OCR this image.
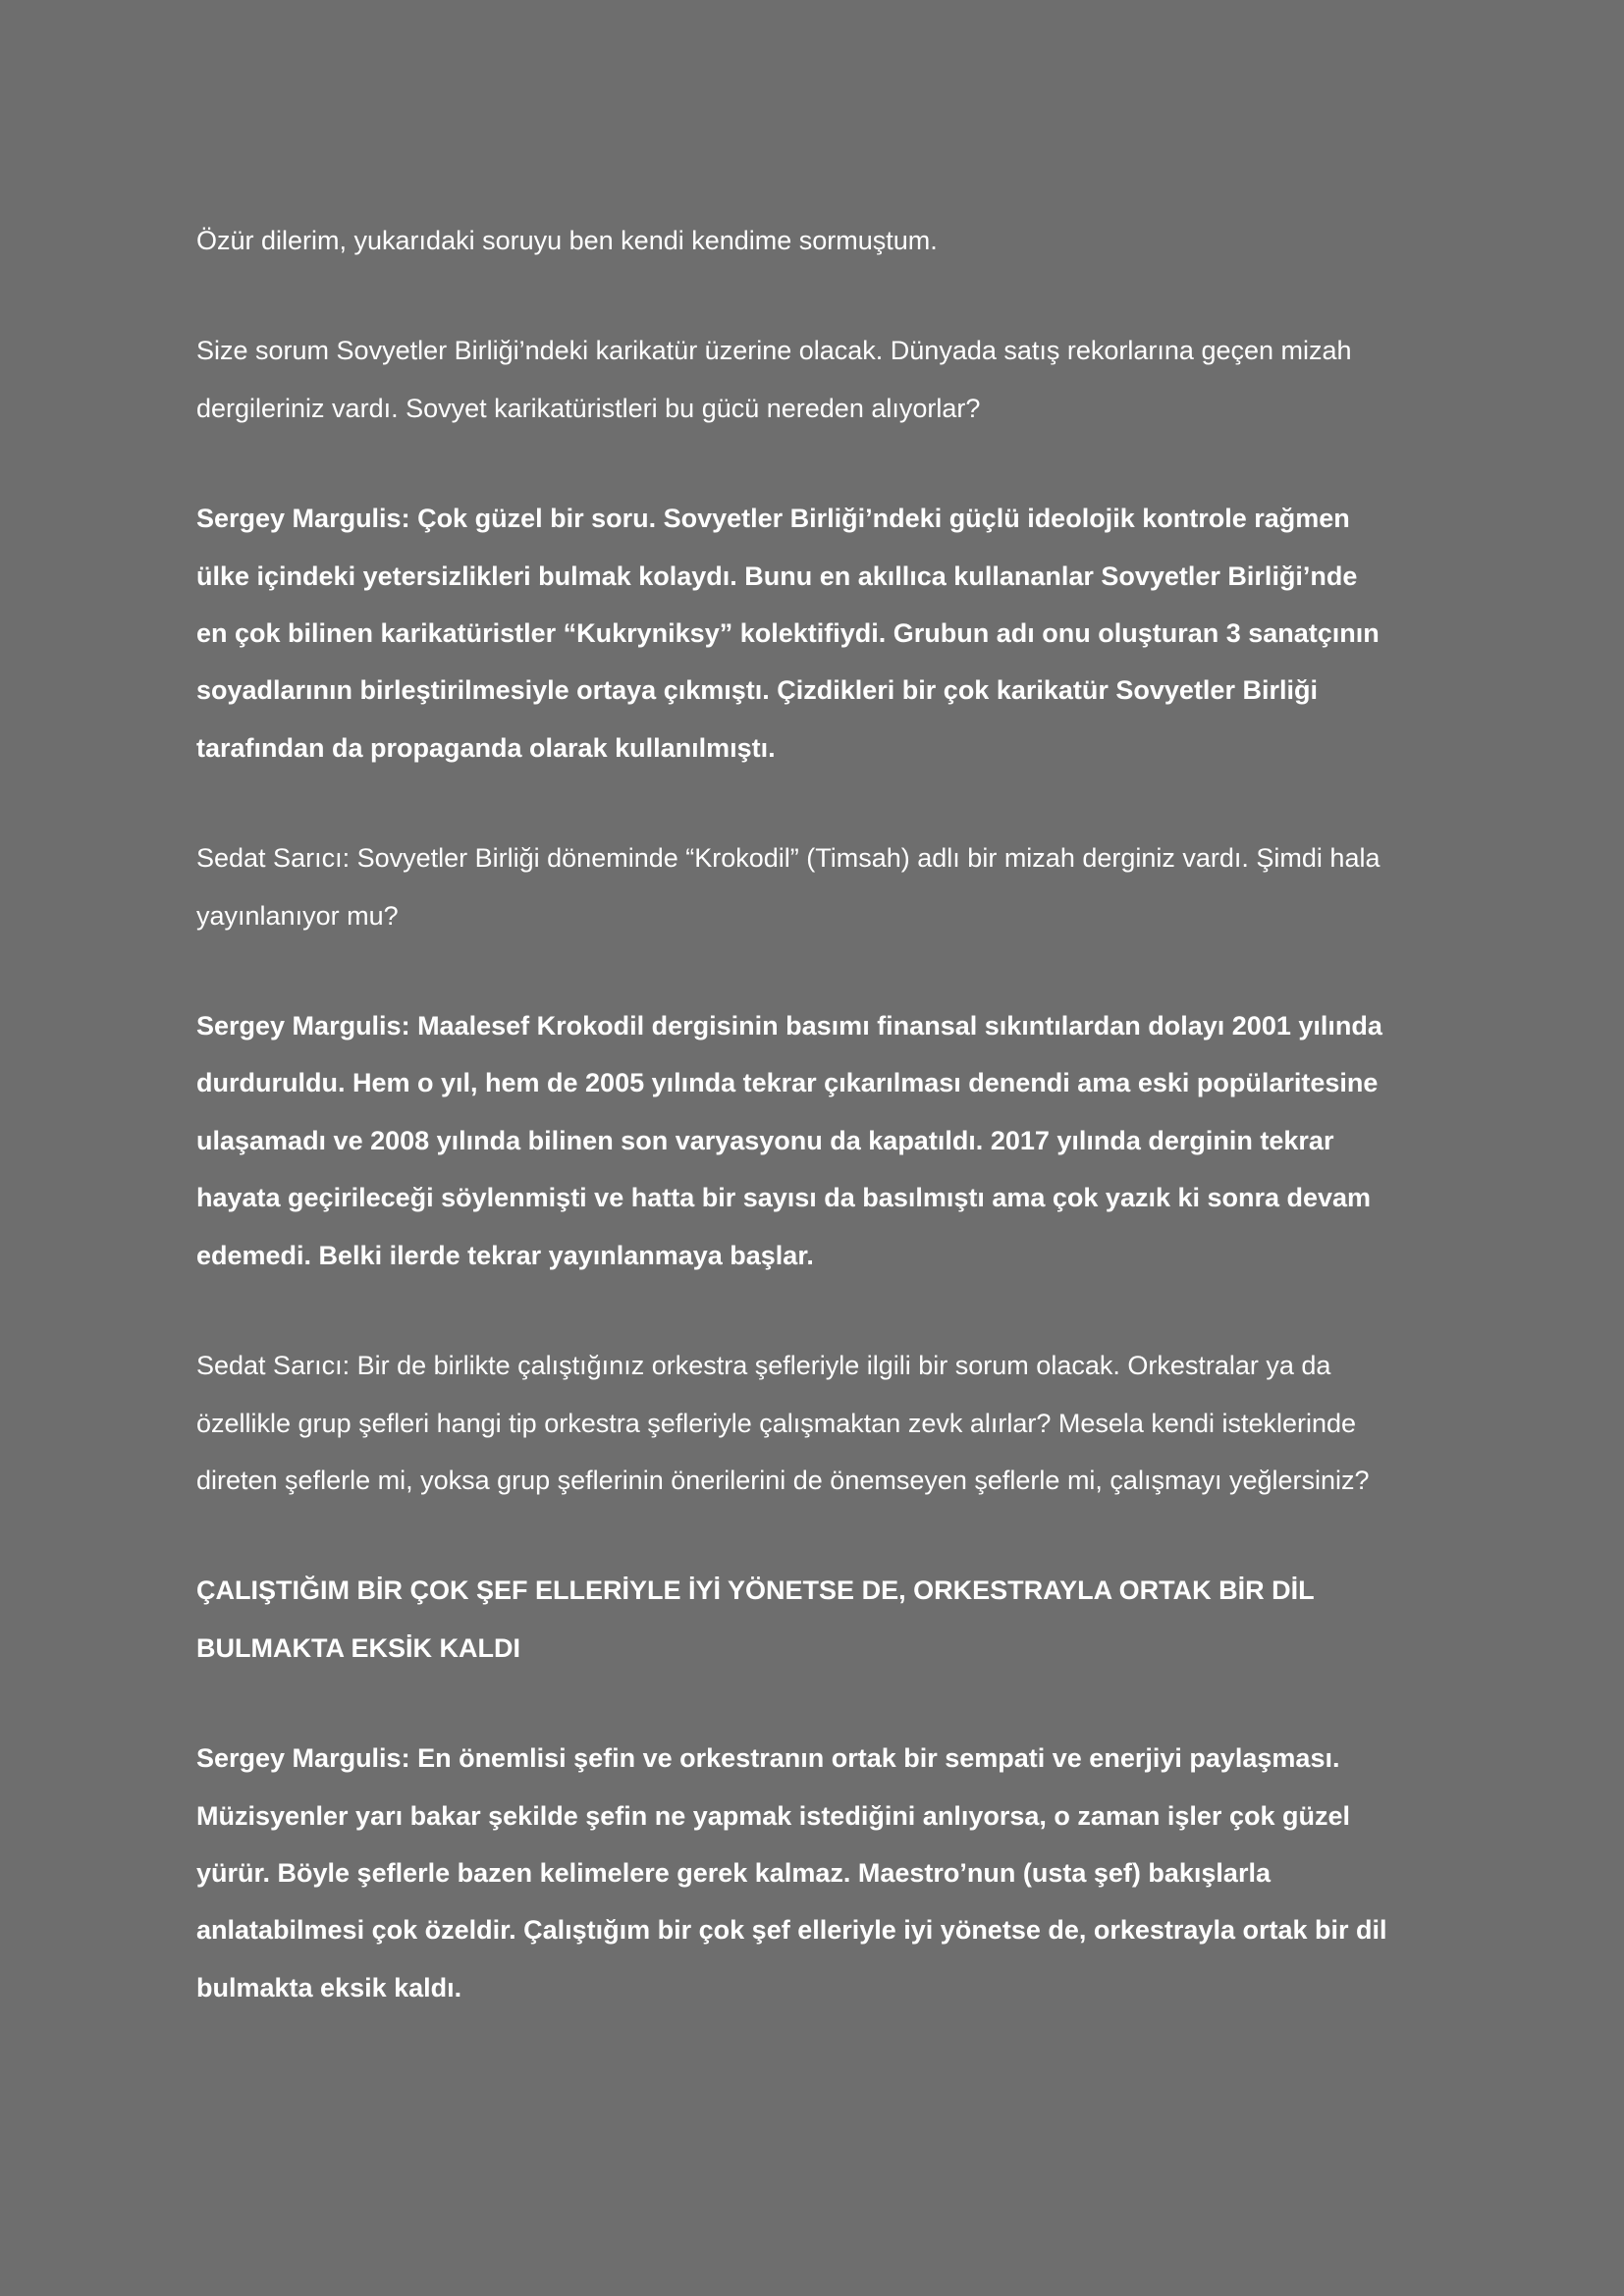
Özür dilerim, yukarıdaki soruyu ben kendi kendime sormuştum.
Size sorum Sovyetler Birliği’ndeki karikatür üzerine olacak. Dünyada satış rekorlarına geçen mizah
dergileriniz vardı. Sovyet karikatüristleri bu gücü nereden alıyorlar?
Sergey Margulis: Çok güzel bir soru. Sovyetler Birliği’ndeki güçlü ideolojik kontrole rağmen
ülke içindeki yetersizlikleri bulmak kolaydı. Bunu en akıllıca kullananlar Sovyetler Birliği’nde
en çok bilinen karikatüristler “Kukryniksy” kolektifiydi. Grubun adı onu oluşturan 3 sanatçının
soyadlarının birleştirilmesiyle ortaya çıkmıştı. Çizdikleri bir çok karikatür Sovyetler Birliği
tarafından da propaganda olarak kullanılmıştı.
Sedat Sarıcı: Sovyetler Birliği döneminde “Krokodil” (Timsah) adlı bir mizah derginiz vardı. Şimdi hala
yayınlanıyor mu?
Sergey Margulis: Maalesef Krokodil dergisinin basımı finansal sıkıntılardan dolayı 2001 yılında
durduruldu. Hem o yıl, hem de 2005 yılında tekrar çıkarılması denendi ama eski popülaritesine
ulaşamadı ve 2008 yılında bilinen son varyasyonu da kapatıldı. 2017 yılında derginin tekrar
hayata geçirileceği söylenmişti ve hatta bir sayısı da basılmıştı ama çok yazık ki sonra devam
edemedi. Belki ilerde tekrar yayınlanmaya başlar.
Sedat Sarıcı: Bir de birlikte çalıştığınız orkestra şefleriyle ilgili bir sorum olacak. Orkestralar ya da
özellikle grup şefleri hangi tip orkestra şefleriyle çalışmaktan zevk alırlar? Mesela kendi isteklerinde
direten şeflerle mi, yoksa grup şeflerinin önerilerini de önemseyen şeflerle mi, çalışmayı yeğlersiniz?
ÇALIŞTIĞIM BİR ÇOK ŞEF ELLERİYLE İYİ YÖNETSE DE, ORKESTRAYLA ORTAK BİR DİL
BULMAKTA EKSİK KALDI
Sergey Margulis: En önemlisi şefin ve orkestranın ortak bir sempati ve enerjiyi paylaşması.
Müzisyenler yarı bakar şekilde şefin ne yapmak istediğini anlıyorsa, o zaman işler çok güzel
yürür. Böyle şeflerle bazen kelimelere gerek kalmaz. Maestro’nun (usta şef) bakışlarla
anlatabilmesi çok özeldir. Çalıştığım bir çok şef elleriyle iyi yönetse de, orkestrayla ortak bir dil
bulmakta eksik kaldı.
